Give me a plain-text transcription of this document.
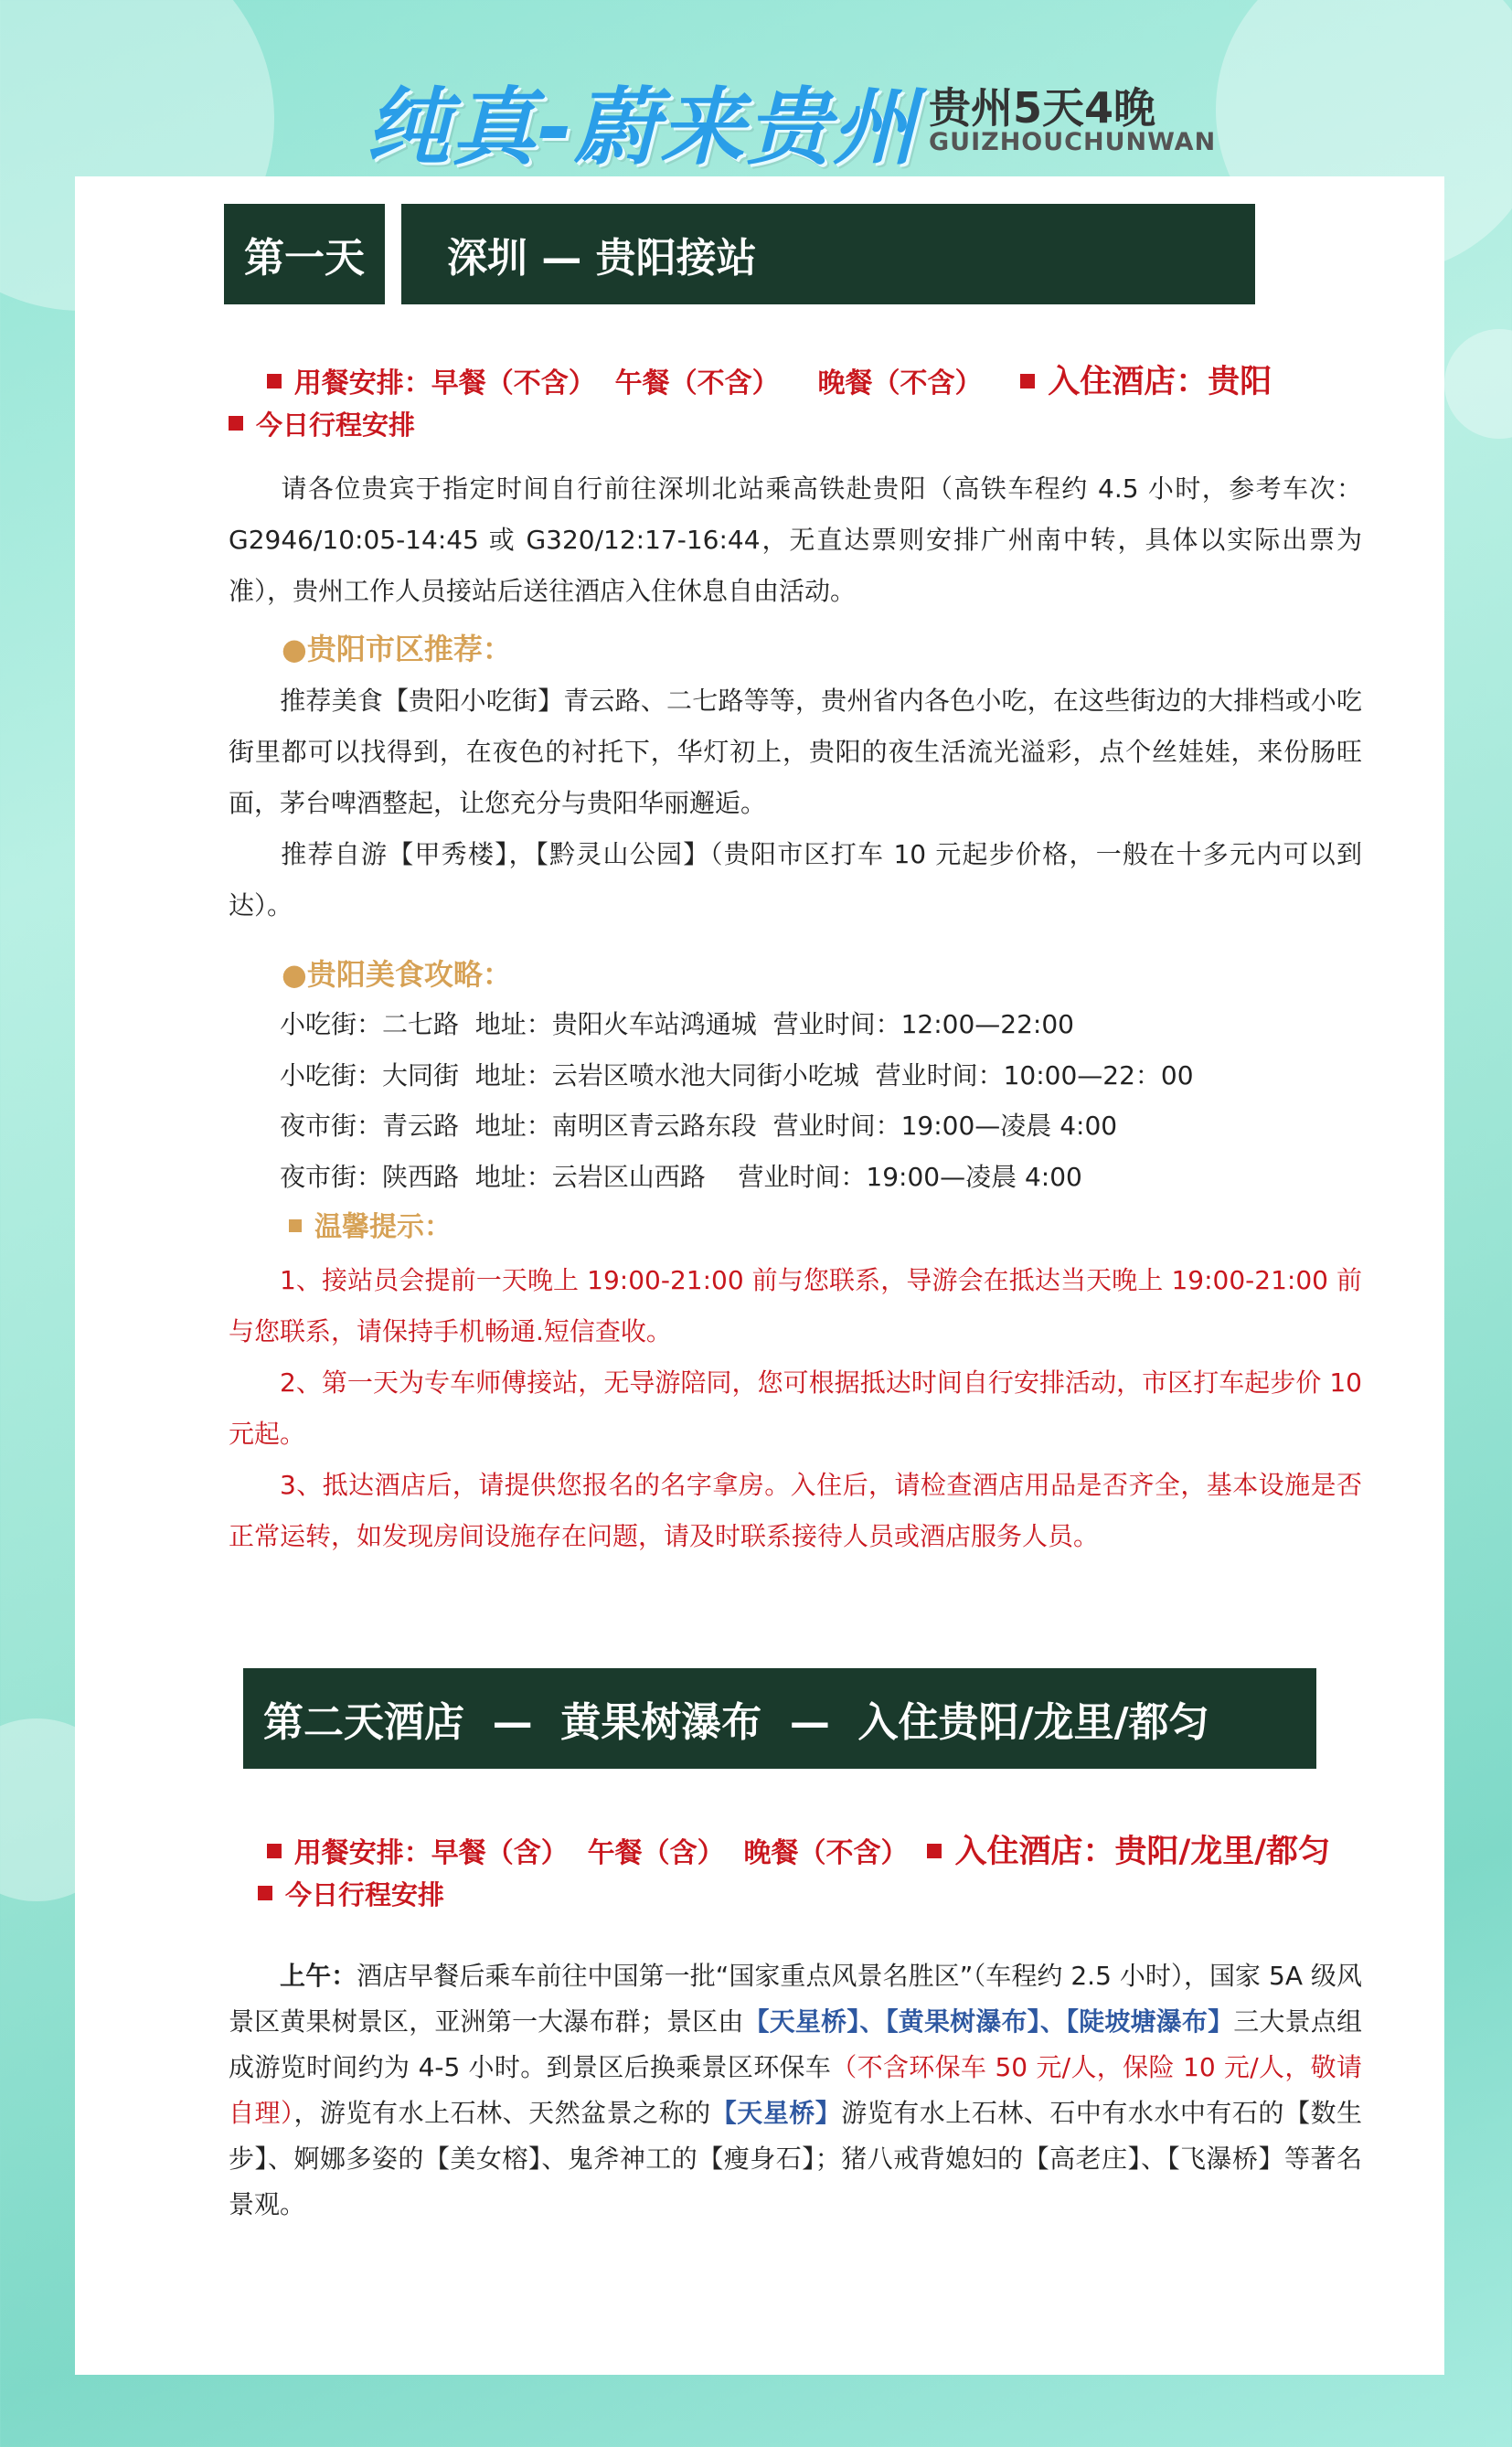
纯真-蔚来贵州 贵州5天4晚
GUIZHOUCHUNWAN
第一天	深圳 — 贵阳接站

用餐安排：早餐（不含）  午餐（不含）    晚餐（不含） 入住酒店：贵阳

今日行程安排
请各位贵宾于指定时间自行前往深圳北站乘高铁赴贵阳（高铁车程约 4.5 小时，参考车次：G2946/10:05-14:45 或 G320/12:17-16:44，无直达票则安排广州南中转，具体以实际出票为准），贵州工作人员接站后送往酒店入住休息自由活动。
●贵阳市区推荐：
推荐美食【贵阳小吃街】青云路、二七路等等，贵州省内各色小吃，在这些街边的大排档或小吃街里都可以找得到，在夜色的衬托下，华灯初上，贵阳的夜生活流光溢彩，点个丝娃娃，来份肠旺面，茅台啤酒整起，让您充分与贵阳华丽邂逅。
推荐自游【甲秀楼】，【黔灵山公园】（贵阳市区打车 10 元起步价格，一般在十多元内可以到达）。
●贵阳美食攻略：
小吃街：二七路  地址：贵阳火车站鸿通城  营业时间：12:00—22:00
小吃街：大同街  地址：云岩区喷水池大同街小吃城  营业时间：10:00—22：00
夜市街：青云路  地址：南明区青云路东段  营业时间：19:00—凌晨 4:00
夜市街：陕西路  地址：云岩区山西路    营业时间：19:00—凌晨 4:00
温馨提示：
1、接站员会提前一天晚上 19:00-21:00 前与您联系，导游会在抵达当天晚上 19:00-21:00 前与您联系，请保持手机畅通.短信查收。
2、第一天为专车师傅接站，无导游陪同，您可根据抵达时间自行安排活动，市区打车起步价 10 元起。
3、抵达酒店后，请提供您报名的名字拿房。入住后，请检查酒店用品是否齐全，基本设施是否正常运转，如发现房间设施存在问题，请及时联系接待人员或酒店服务人员。
第二天 酒店  —  黄果树瀑布  —  入住贵阳/龙里/都匀

用餐安排：早餐（含）  午餐（含）  晚餐（不含） 入住酒店：贵阳/龙里/都匀

今日行程安排
上午：酒店早餐后乘车前往中国第一批“国家重点风景名胜区”（车程约 2.5 小时），国家 5A 级风景区黄果树景区，亚洲第一大瀑布群；景区由【天星桥】、【黄果树瀑布】、【陡坡塘瀑布】三大景点组成游览时间约为 4-5 小时。到景区后换乘景区环保车（不含环保车 50 元/人，保险 10 元/人，敬请自理），游览有水上石林、天然盆景之称的【天星桥】游览有水上石林、石中有水水中有石的【数生步】、婀娜多姿的【美女榕】、鬼斧神工的【瘦身石】；猪八戒背媳妇的【高老庄】、【飞瀑桥】等著名景观。
